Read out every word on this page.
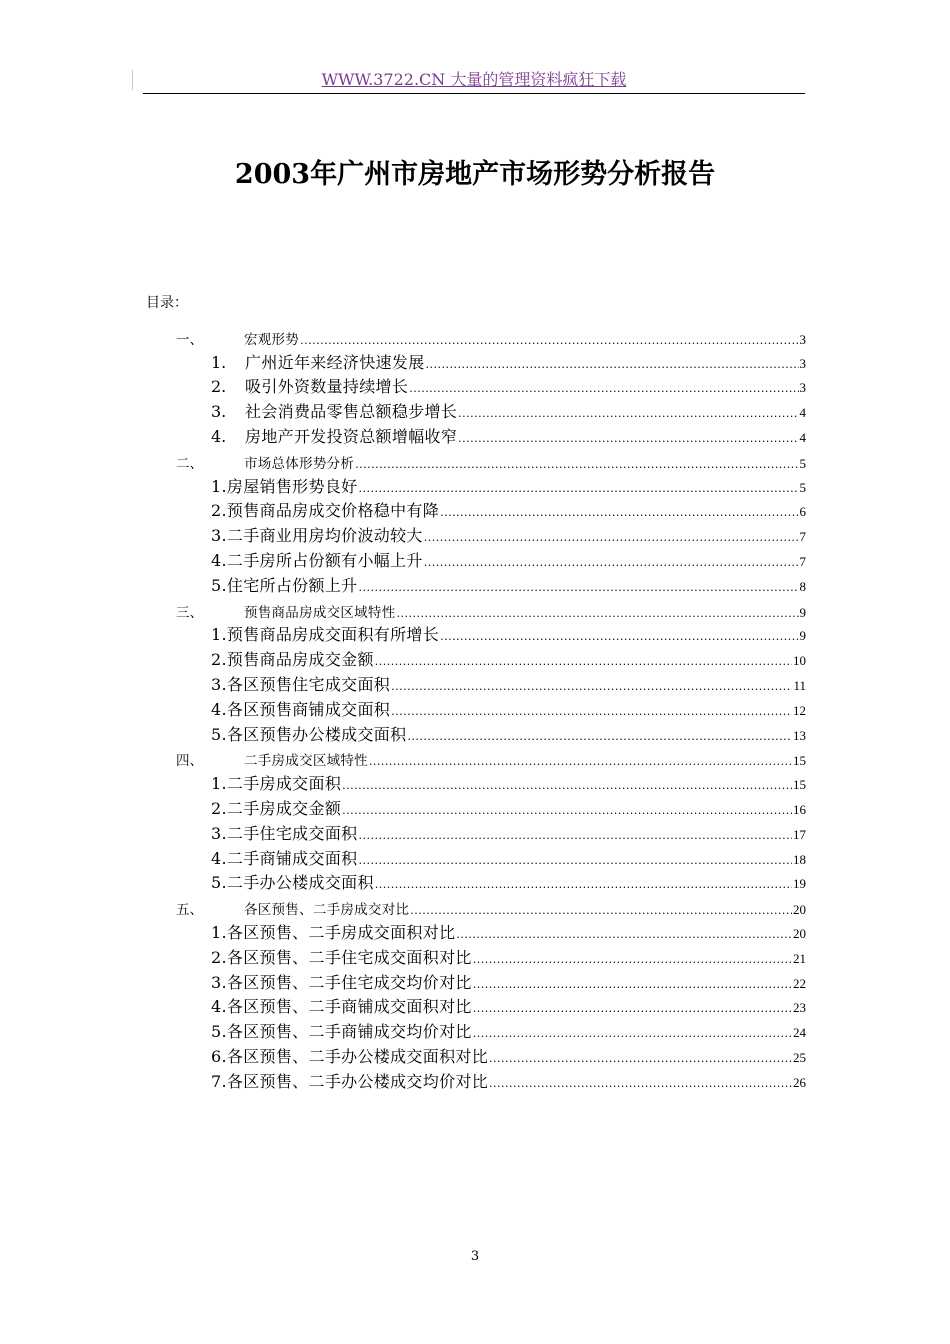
WWW.3722.CN 大量的管理资料疯狂下载
2003年广州市房地产市场形势分析报告
目录：
一、	宏观形势 .....	3
1.	广州近年来经济快速发展 .....	3
2.	吸引外资数量持续增长 .....	3
3.	社会消费品零售总额稳步增长 .....	4
4.	房地产开发投资总额增幅收窄 .....	4
二、	市场总体形势分析 .....	5
1.房屋销售形势良好 .....	5
2.预售商品房成交价格稳中有降 .....	6
3.二手商业用房均价波动较大 .....	7
4.二手房所占份额有小幅上升 .....	7
5.住宅所占份额上升 .....	8
三、	预售商品房成交区域特性 .....	9
1.预售商品房成交面积有所增长 .....	9
2.预售商品房成交金额 .....	10
3.各区预售住宅成交面积 .....	11
4.各区预售商铺成交面积 .....	12
5.各区预售办公楼成交面积 .....	13
四、	二手房成交区域特性 .....	15
1.二手房成交面积 .....	15
2.二手房成交金额 .....	16
3.二手住宅成交面积 .....	17
4.二手商铺成交面积 .....	18
5.二手办公楼成交面积 .....	19
五、	各区预售、二手房成交对比 .....	20
1.各区预售、二手房成交面积对比 .....	20
2.各区预售、二手住宅成交面积对比 .....	21
3.各区预售、二手住宅成交均价对比 .....	22
4.各区预售、二手商铺成交面积对比 .....	23
5.各区预售、二手商铺成交均价对比 .....	24
6.各区预售、二手办公楼成交面积对比 .....	25
7.各区预售、二手办公楼成交均价对比 .....	26
3
